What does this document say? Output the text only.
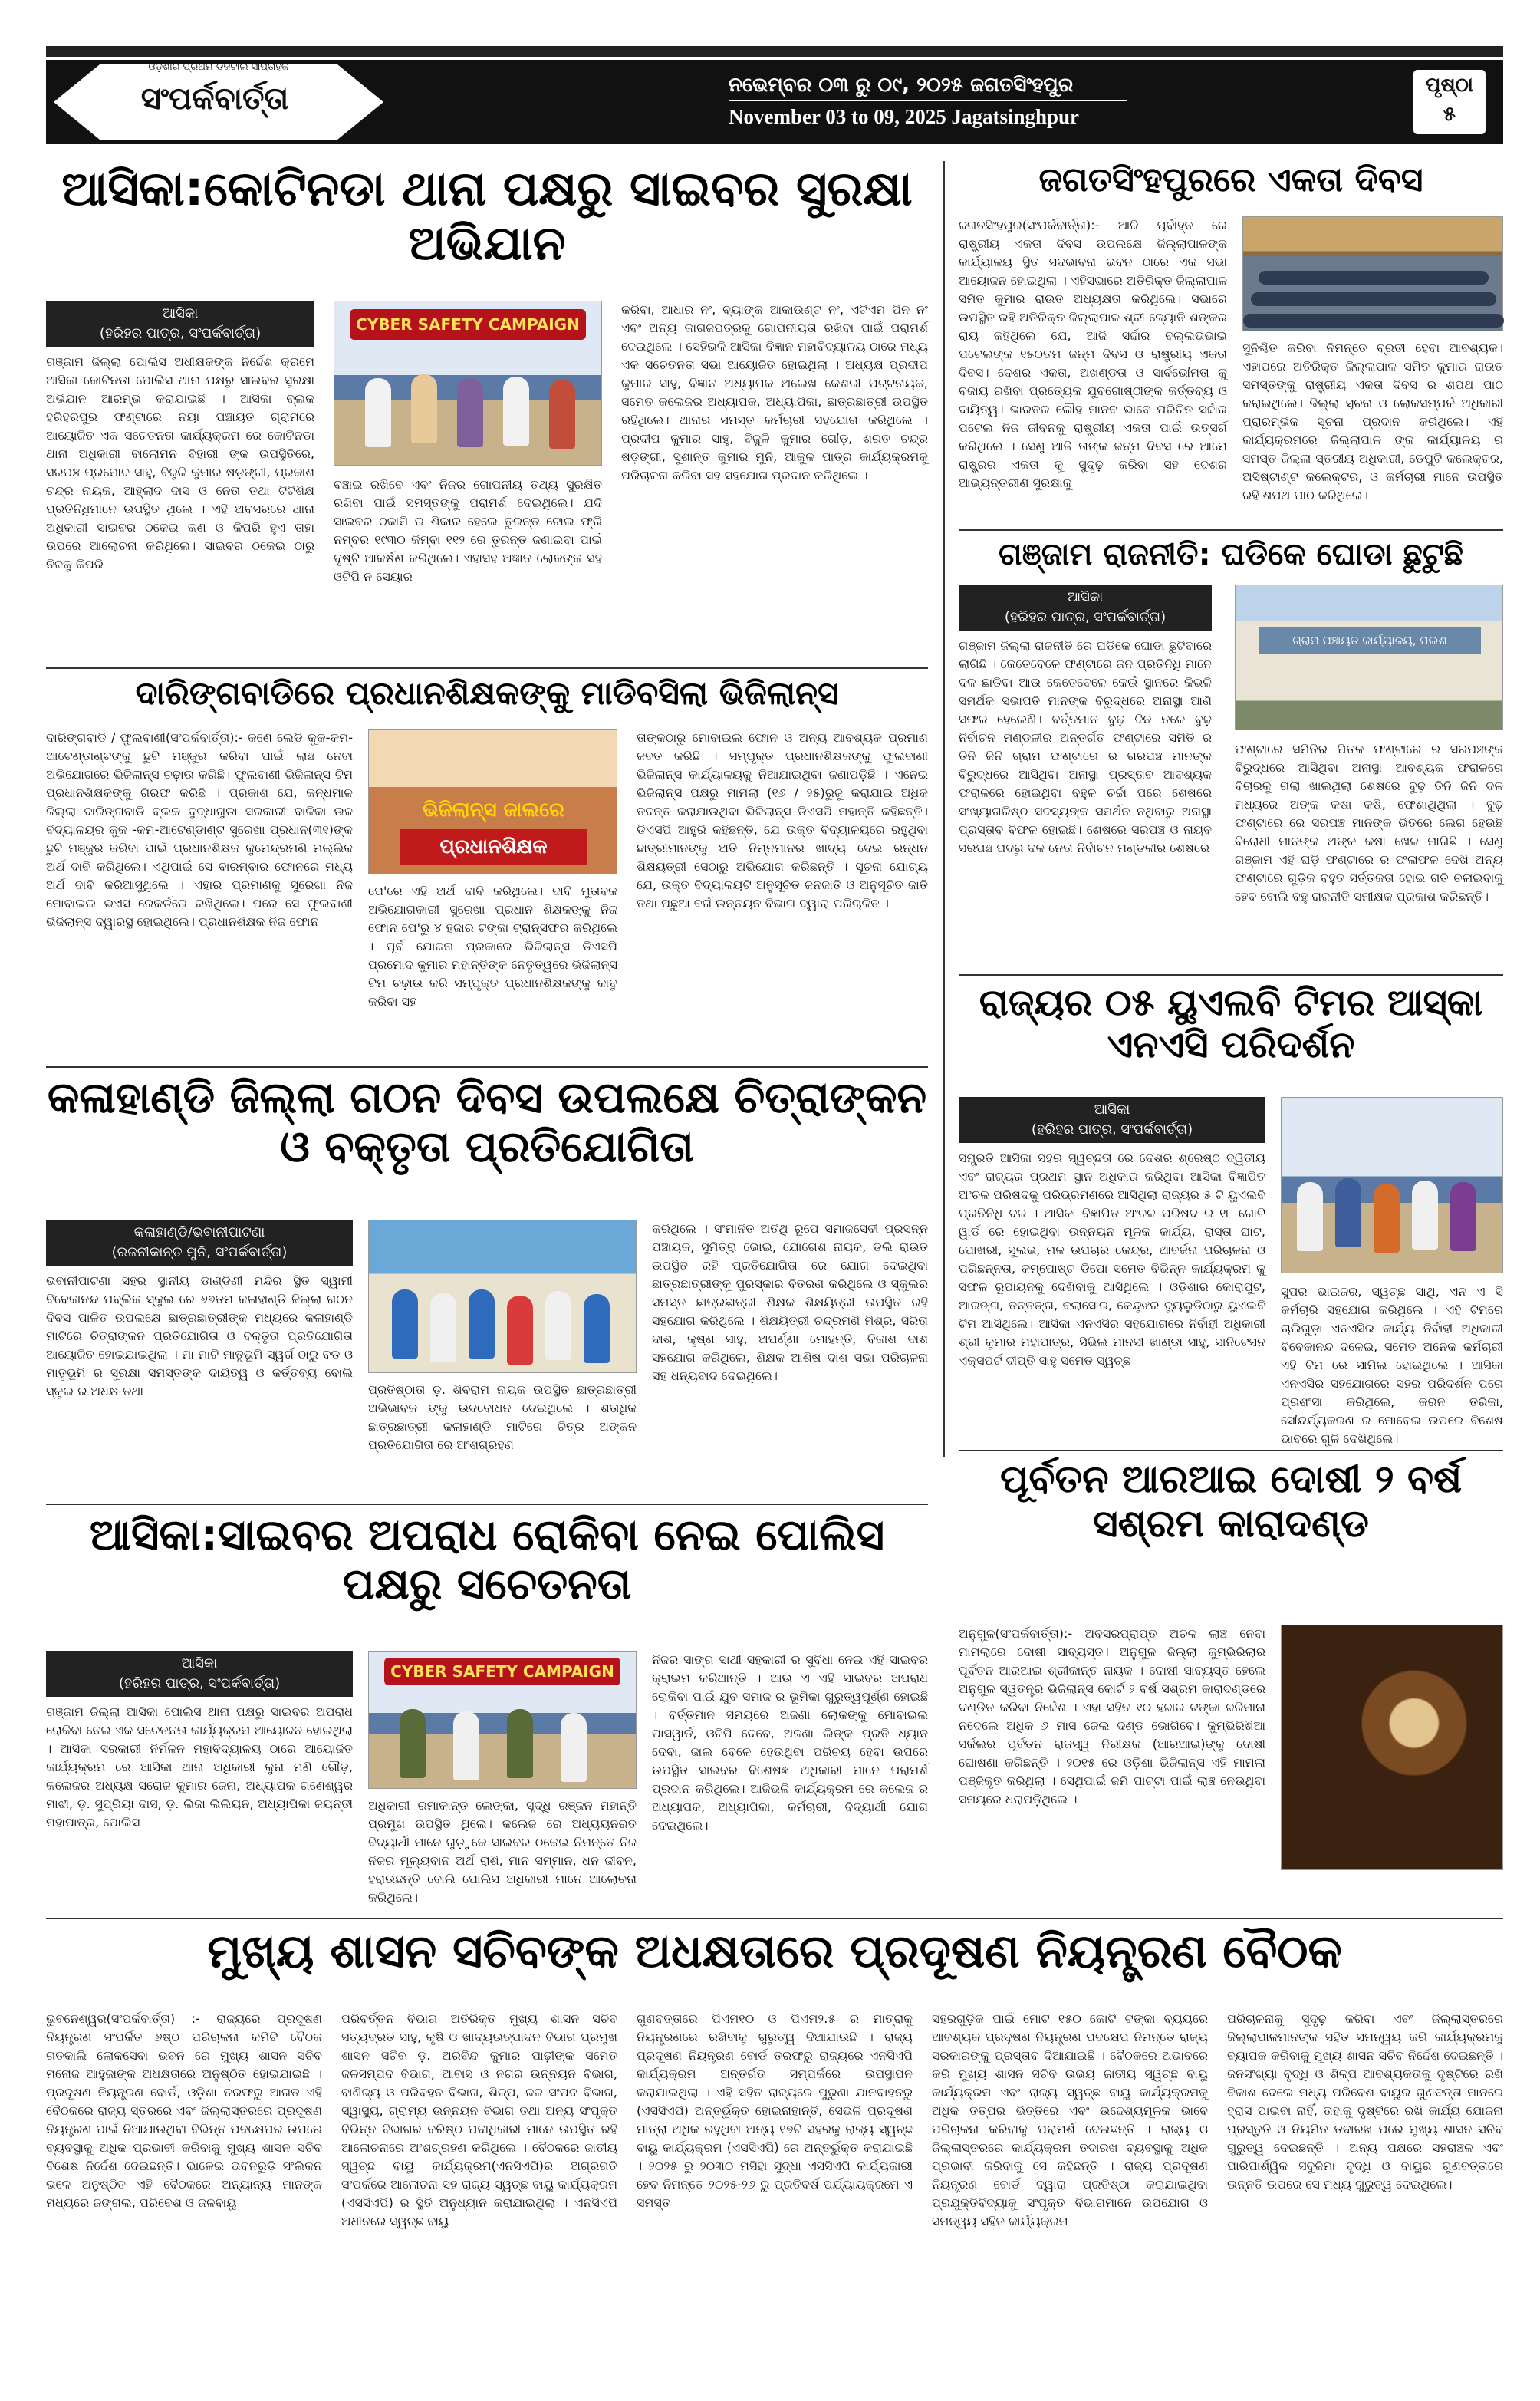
ଓଡ଼ିଶାର ପ୍ରଥମ ଡିଜିଟାଲ ସାପ୍ତାହିକ
ସଂପର୍କବାର୍ତ୍ତା	ନଭେମ୍ବର ୦୩ ରୁ ୦୯, ୨୦୨୫ ଜଗତସିଂହପୁର
November 03 to 09, 2025 Jagatsinghpur
ପୃଷ୍ଠା
୫
ଆସିକା:କୋଟିନଡା ଥାନା ପକ୍ଷରୁ ସାଇବର ସୁରକ୍ଷା ଅଭିଯାନ
ଆସିକା
(ହରିହର ପାତ୍ର, ସଂପର୍କବାର୍ତ୍ତା)
ଗଞ୍ଜାମ ଜିଲ୍ଲା ପୋଲିସ ଅଧୀକ୍ଷକଙ୍କ ନିର୍ଦ୍ଦେଶ କ୍ରମେ ଆସିକା କୋଟିନଡା ପୋଲିସ ଥାନା ପକ୍ଷରୁ ସାଇବର ସୁରକ୍ଷା ଅଭିଯାନ ଆରମ୍ଭ କରାଯାଇଛି । ଆସିକା ବ୍ଲକ ହରିହରପୁର ଫଣ୍ଟାରେ ନୟା ପଞ୍ଚାୟତ ଗ୍ରାମରେ ଆୟୋଜିତ ଏକ ସଚେତନତା କାର୍ଯ୍ୟକ୍ରମ ରେ କୋଟିନଡା ଥାନା ଅଧିକାରୀ ବାଲୋମନ ବିହାରୀ ଙ୍କ ଉପସ୍ଥିତିରେ, ସରପଞ୍ଚ ପ୍ରମୋଦ ସାହୁ, ବିଜୁଳି କୁମାର ଷଡ଼ଙ୍ଗୀ, ପ୍ରକାଶ ଚନ୍ଦ୍ର ନାୟକ, ଆହ୍ଲାଦ ଦାସ ଓ ନେତା ତଥା ଟିଟିଶିକ୍ଷ ପ୍ରତିନିଧିମାନେ ଉପସ୍ଥିତ ଥିଲେ । ଏହି ଅବସରରେ ଥାନା ଅଧିକାରୀ ସାଇବର ଠକେଇ କଣ ଓ କିପରି ହୁଏ ତାହା ଉପରେ ଆଲୋଚନା କରିଥିଲେ। ସାଇବର ଠକେଇ ଠାରୁ ନିଜକୁ କିପରି
CYBER SAFETY CAMPAIGN
ବଞ୍ଚାଇ ରଖିବେ ଏବଂ ନିଜର ଗୋପନୀୟ ତଥ୍ୟ ସୁରକ୍ଷିତ ରଖିବା ପାଇଁ ସମସ୍ତଙ୍କୁ ପରାମର୍ଶ ଦେଇଥିଲେ। ଯଦି ସାଇବର ଠକାମି ର ଶିକାର ହେଲେ ତୁରନ୍ତ ଟୋଲ ଫ୍ରି ନମ୍ବର ୧୯୩୦ କିମ୍ବା ୧୧୨ ରେ ତୁରନ୍ତ ଜଣାଇବା ପାଇଁ ଦୃଷ୍ଟି ଆକର୍ଷଣ କରିଥିଲେ। ଏହାସହ ଅଜ୍ଞାତ ଲୋକଙ୍କ ସହ ଓଟିପି ନ ସେୟାର
କରିବା, ଆଧାର ନଂ, ବ୍ୟାଙ୍କ ଆକାଉଣ୍ଟ ନଂ, ଏଟିଏମ ପିନ ନଂ ଏବଂ ଅନ୍ୟ କାଗଜପତ୍ରକୁ ଗୋପନୀୟତା ରଖିବା ପାଇଁ ପରାମର୍ଶ ଦେଇଥିଲେ । ସେହିଭଳି ଆସିକା ବିଜ୍ଞାନ ମହାବିଦ୍ୟାଳୟ ଠାରେ ମଧ୍ୟ ଏକ ସଚେତନତା ସଭା ଆୟୋଜିତ ହୋଇଥିଲା । ଅଧ୍ୟକ୍ଷ ପ୍ରଦୀପ କୁମାର ସାହୁ, ବିଜ୍ଞାନ ଅଧ୍ୟାପକ ଅଲେଖ କେଶରୀ ପଟ୍ଟନାୟକ, ସମେତ କଲେଜର ଅଧ୍ୟାପକ, ଅଧ୍ୟାପିକା, ଛାତ୍ରଛାତ୍ରୀ ଉପସ୍ଥିତ ରହିଥିଲେ। ଥାନାର ସମସ୍ତ କର୍ମଚାରୀ ସହଯୋଗ କରିଥିଲେ । ପ୍ରଦୀପ କୁମାର ସାହୁ, ବିଜୁଳି କୁମାର ଗୌଡ଼, ଶରତ ଚନ୍ଦ୍ର ଷଡ଼ଙ୍ଗୀ, ସୁଶାନ୍ତ କୁମାର ମୁନି, ଆକୁଳ ପାତ୍ର କାର୍ଯ୍ୟକ୍ରମକୁ ପରିଚାଳନା କରିବା ସହ ସହଯୋଗ ପ୍ରଦାନ କରିଥିଲେ ।
ଜଗତସିଂହପୁରରେ ଏକତା ଦିବସ
ଜଗତସିଂହପୁର(ସଂପର୍କବାର୍ତ୍ତା):- ଆଜି ପୂର୍ବାହ୍ନ ରେ ରାଷ୍ଟ୍ରୀୟ ଏକତା ଦିବସ ଉପଲକ୍ଷେ ଜିଲ୍ଲାପାଳଙ୍କ କାର୍ଯ୍ୟାଳୟ ସ୍ଥିତ ସଦଭାବନା ଭବନ ଠାରେ ଏକ ସଭା ଆୟୋଜନ ହୋଇଥିଲା । ଏହିସଭାରେ ଅତିରିକ୍ତ ଜିଲ୍ଲାପାଳ ସମିତ କୁମାର ରାଉତ ଅଧ୍ୟକ୍ଷତା କରିଥିଲେ। ସଭାରେ ଉପସ୍ଥିତ ରହି ଅତିରିକ୍ତ ଜିଲ୍ଲାପାଳ ଶ୍ରୀ ଜ୍ୟୋତି ଶଙ୍କର ରାୟ କହିଥିଲେ ଯେ, ଆଜି ସର୍ଦ୍ଦାର ବଲ୍ଲଭଭାଇ ପଟେଲଙ୍କ ୧୫୦ତମ ଜନ୍ମ ଦିବସ ଓ ରାଷ୍ଟ୍ରୀୟ ଏକତା ଦିବସ। ଦେଶର ଏକତା, ଅଖଣ୍ଡତା ଓ ସାର୍ବଭୌମତା କୁ ବଜାୟ ରଖିବା ପ୍ରତ୍ୟେକ ଯୁବଗୋଷ୍ଠୀଙ୍କ କର୍ତ୍ତବ୍ୟ ଓ ଦାୟିତ୍ୱ। ଭାରତର ଲୌହ ମାନବ ଭାବେ ପରିଚିତ ସର୍ଦ୍ଦାର ପଟେଲ ନିଜ ଜୀବନକୁ ରାଷ୍ଟ୍ରୀୟ ଏକତା ପାଇଁ ଉତ୍ସର୍ଗ କରିଥିଲେ । ସେଣୁ ଆଜି ତାଙ୍କ ଜନ୍ମ ଦିବସ ରେ ଆମେ ରାଷ୍ଟ୍ରର ଏକତା କୁ ସୁଦୃଢ଼ କରିବା ସହ ଦେଶର ଆଭ୍ୟନ୍ତରୀଣ ସୁରକ୍ଷାକୁ
ସୁନିଶ୍ଚିତ କରିବା ନିମନ୍ତେ ବ୍ରତୀ ହେବା ଆବଶ୍ୟକ। ଏହାପରେ ଅତିରିକ୍ତ ଜିଲ୍ଲାପାଳ ସମିତ କୁମାର ରାଉତ ସମସ୍ତଙ୍କୁ ରାଷ୍ଟ୍ରୀୟ ଏକତା ଦିବସ ର ଶପଥ ପାଠ କରାଇଥିଲେ। ଜିଲ୍ଲା ସୂଚନା ଓ ଲୋକସମ୍ପର୍କ ଅଧିକାରୀ ପ୍ରାରମ୍ଭିକ ସୂଚନା ପ୍ରଦାନ କରିଥିଲେ। ଏହି କାର୍ଯ୍ୟକ୍ରମରେ ଜିଲ୍ଲାପାଳ ଙ୍କ କାର୍ଯ୍ୟାଳୟ ର ସମସ୍ତ ଜିଲ୍ଲା ସ୍ତରୀୟ ଅଧିକାରୀ, ଡେପୁଟି କଲେକ୍ଟର, ଅସିଷ୍ଟାଣ୍ଟ କଲେକ୍ଟର, ଓ କର୍ମଚାରୀ ମାନେ ଉପସ୍ଥିତ ରହି ଶପଥ ପାଠ କରିଥିଲେ।
ଗଞ୍ଜାମ ରାଜନୀତି: ଘଡିକେ ଘୋଡା ଛୁଟୁଛି
ଆସିକା
(ହରିହର ପାତ୍ର, ସଂପର୍କବାର୍ତ୍ତା)
ଗଞ୍ଜାମ ଜିଲ୍ଲା ରାଜନୀତି ରେ ଘଡିକେ ଘୋଡା ଛୁଟିବାରେ ଲାଗିଛି । କେତେବେଳେ ଫଣ୍ଟାରେ ଜନ ପ୍ରତିନିଧି ମାନେ ଦଳ ଛାଡିବା ଆଉ କେତେବେଳେ କେଉଁ ସ୍ଥାନରେ କିଭଳି ସମର୍ଥକ ସଭାପତି ମାନଙ୍କ ବିରୁଦ୍ଧରେ ଅନାସ୍ଥା ଆଣି ସଫଳ ହେଲେଣି। ବର୍ତ୍ତମାନ ବୁଢ଼ ଦିନ ତଳେ ବୁଢ଼ ନିର୍ବାଚନ ମଣ୍ଡଳୀର ଅନ୍ତର୍ଗତ ଫଣ୍ଟାରେ ସମିତି ର ତିନି ଜିନି ଗ୍ରାମ ଫଣ୍ଟାରେ ର ଗରପଞ୍ଚ ମାନଙ୍କ ବିରୁଦ୍ଧରେ ଆସିଥିବା ଅନାସ୍ଥା ପ୍ରସ୍ତାବ ଆବଶ୍ୟକ ଫରାଳରେ ହୋଇଥିବା ବହୁଳ ଚର୍ଚ୍ଚା ପରେ ଶେଷରେ ସଂଖ୍ୟାଗରିଷ୍ଠ ସଦସ୍ୟଙ୍କ ସମର୍ଥନ ନଥିବାରୁ ଅନାସ୍ଥା ପ୍ରସ୍ତାବ ବିଫଳ ହୋଇଛି। ଶେଷରେ ସରପଞ୍ଚ ଓ ନାୟବ ସରପଞ୍ଚ ପଦରୁ ଦଳ ନେତା ନିର୍ବାଚନ ମଣ୍ଡଳୀର ଶେଷରେ
ଗ୍ରାମ ପଞ୍ଚାୟତ କାର୍ଯ୍ୟାଳୟ, ପଲଶ
ଫଣ୍ଟାରେ ସମିତିର ପିତଳ ଫଣ୍ଟାରେ ର ସରପଞ୍ଚଙ୍କ ବିରୁଦ୍ଧରେ ଆସିଥିବା ଅନାସ୍ଥା ଆବଶ୍ୟକ ଫରାଳରେ ବିଚାରକୁ ଗଲା ଖାଲଥିଲା ଶେଷରେ ବୁଢ଼ ତିନି ଜିନି ଦଳ ମଧ୍ୟରେ ଅଙ୍କ କଷା କଷି, ଫେଶାଥିଥିଲା । ବୁଢ଼ ଫଣ୍ଟାରେ ରେ ସରପଞ୍ଚ ମାନଙ୍କ ଭିତରେ ଲେଗ ହେଉଛି ବିରୋଧୀ ମାନଙ୍କ ଅଙ୍କ କଷା ଖେଳ ମାଗିଛି । ସେଣୁ ଗଞ୍ଜାମ ଏହି ଘଡ଼ି ଫଣ୍ଟାରେ ର ଫଳାଫଳ ଦେଖି ଅନ୍ୟ ଫଣ୍ଟାରେ ଗୁଡ଼ିକ ବହୁତ ସର୍ତ୍ତକତା ହୋଇ ଗତି ଚଳାଇବାକୁ ହେବ ବୋଲି ବହୁ ରାଜନୀତି ସମୀକ୍ଷକ ପ୍ରକାଶ କରିଛନ୍ତି।
ଦାରିଙ୍ଗବାଡିରେ ପ୍ରଧାନଶିକ୍ଷକଙ୍କୁ ମାଡିବସିଲା ଭିଜିଲାନ୍ସ
ଦାରିଙ୍ଗବାଡି / ଫୁଲବାଣୀ(ସଂପର୍କବାର୍ତ୍ତା):- କଣେ ଲେଡି କୁକ-କମ-ଆଟେଣ୍ଡାଣ୍ଟଙ୍କୁ ଛୁଟି ମଞ୍ଜୁର କରିବା ପାଇଁ ଲାଞ୍ଚ ନେବା ଅଭିଯୋଗରେ ଭିଜିଲାନ୍ସ ଚଢ଼ାଉ କରିଛି। ଫୁଲବାଣୀ ଭିଜିଲାନ୍ସ ଟିମ ପ୍ରଧାନଶିକ୍ଷକଙ୍କୁ ଗିରଫ କରିଛି । ପ୍ରକାଶ ଯେ, କନ୍ଧମାଳ ଜିଲ୍ଲା ଦାରିଙ୍ଗବାଡି ବ୍ଲକ ଦୁଦ୍ଧାଗୁଡା ସରକାରୀ ବାଳିକା ଉଚ୍ଚ ବିଦ୍ୟାଳୟର କୁକ -କମ-ଆଟେଣ୍ଡାଣ୍ଟ ସୁରେଖା ପ୍ରଧାନ(୩୧)ଙ୍କ ଛୁଟି ମଞ୍ଜୁର କରିବା ପାଇଁ ପ୍ରଧାନଶିକ୍ଷକ କୁମେନ୍ଦ୍ରମଣି ମଲ୍ଲିକ ଅର୍ଥ ଦାବି କରିଥିଲେ। ଏଥିପାଇଁ ସେ ବାରମ୍ବାର ଫୋନରେ ମଧ୍ୟ ଅର୍ଥ ଦାବି କରିଆସୁଥିଲେ । ଏହାର ପ୍ରମାଣକୁ ସୁରେଖା ନିଜ ମୋବାଇଲ ଭଏସ ରେକର୍ଡରେ ରଖିଥିଲେ। ପରେ ସେ ଫୁଲବାଣୀ ଭିଜିଲାନ୍ସ ଦ୍ୱାରସ୍ଥ ହୋଇଥିଲେ। ପ୍ରଧାନଶିକ୍ଷକ ନିଜ ଫୋନ
ଭିଜିଲାନ୍ସ ଜାଲରେ
ପ୍ରଧାନଶିକ୍ଷକ
ପେ'ରେ ଏହି ଅର୍ଥ ଦାବି କରିଥିଲେ। ଦାବି ମୁତାବକ ଅଭିଯୋଗକାରୀ ସୁରେଖା ପ୍ରଧାନ ଶିକ୍ଷକଙ୍କୁ ନିଜ ଫୋନ ପେ'ରୁ ୪ ହଜାର ଟଙ୍କା ଟ୍ରାନ୍ସଫର କରିଥିଲେ । ପୂର୍ବ ଯୋଜନା ପ୍ରକାରେ ଭିଜିଲାନ୍ସ ଡିଏସପି ପ୍ରମୋଦ କୁମାର ମହାନ୍ତିଙ୍କ ନେତୃତ୍ୱରେ ଭିଜିଲାନ୍ସ ଟିମ ଚଢ଼ାଉ କରି ସମ୍ପୃକ୍ତ ପ୍ରଧାନଶିକ୍ଷକଙ୍କୁ କାବୁ କରିବା ସହ
ତାଙ୍କଠାରୁ ମୋବାଇଲ ଫୋନ ଓ ଅନ୍ୟ ଆବଶ୍ୟକ ପ୍ରମାଣ ଜବତ କରିଛି । ସମ୍ପୃକ୍ତ ପ୍ରଧାନଶିକ୍ଷକଙ୍କୁ ଫୁଲବାଣୀ ଭିଜିଲାନ୍ସ କାର୍ଯ୍ୟାଳୟକୁ ନିଆଯାଇଥିବା ଜଣାପଡ଼ିଛି । ଏନେଇ ଭିଜିଲାନ୍ସ ପକ୍ଷରୁ ମାମଲା (୧୬ / ୨୫)ରୁଜୁ କରାଯାଇ ଅଧିକ ତଦନ୍ତ କରାଯାଉଥିବା ଭିଜିଲାନ୍ସ ଡିଏସପି ମହାନ୍ତି କହିଛନ୍ତି। ଡିଏସପି ଆହୁରି କହିଛନ୍ତି, ଯେ ଉକ୍ତ ବିଦ୍ୟାଳୟରେ ରହୁଥିବା ଛାତ୍ରୀମାନଙ୍କୁ ଅତି ନିମ୍ନମାନର ଖାଦ୍ୟ ଦେଇ ରନ୍ଧନ ଶିକ୍ଷୟତ୍ରୀ ସେଠାରୁ ଅଭିଯୋଗ କରିଛନ୍ତି । ସୂଚନା ଯୋଗ୍ୟ ଯେ, ଉକ୍ତ ବିଦ୍ୟାଳୟଟି ଅନୁସୂଚିତ ଜନଜାତି ଓ ଅନୁସୂଚିତ ଜାତି ତଥା ପଛୁଆ ବର୍ଗ ଉନ୍ନୟନ ବିଭାଗ ଦ୍ୱାରା ପରିଚାଳିତ ।
କଳାହାଣ୍ଡି ଜିଲ୍ଲା ଗଠନ ଦିବସ ଉପଲକ୍ଷେ ଚିତ୍ରାଙ୍କନ ଓ ବକ୍ତୃତା ପ୍ରତିଯୋଗିତା
କଳାହାଣ୍ଡି/ଭବାନୀପାଟଣା
(ରଜନୀକାନ୍ତ ମୁନି, ସଂପର୍କବାର୍ତ୍ତା)
ଭବାନୀପାଟଣା ସହର ସ୍ଥାନୀୟ ଡାଣ୍ଡିଣୀ ମନ୍ଦିର ସ୍ଥିତ ସ୍ୱାମୀ ବିବେକାନନ୍ଦ ପବ୍ଲିକ ସ୍କୁଲ ରେ ୬୭ତମ କଳାହାଣ୍ଡି ଜିଲ୍ଲା ଗଠନ ଦିବସ ପାଳିତ ଉପଲକ୍ଷେ ଛାତ୍ରଛାତ୍ରୀଙ୍କ ମଧ୍ୟରେ କଳାହାଣ୍ଡି ମାଟିରେ ଚିତ୍ରାଙ୍କନ ପ୍ରତିଯୋଗିତା ଓ ବକ୍ତୃତା ପ୍ରତିଯୋଗିତା ଆୟୋଜିତ ହୋଇଯାଇଥିଲା । ମା ମାଟି ମାତୃଭୂମି ସ୍ୱର୍ଗ ଠାରୁ ବଡ ଓ ମାତୃଭୂମି ର ସୁରକ୍ଷା ସମସ୍ତଙ୍କ ଦାୟିତ୍ୱ ଓ କର୍ତ୍ତବ୍ୟ ବୋଲି ସ୍କୁଲ ର ଅଧକ୍ଷ ତଥା	ପ୍ରତିଷ୍ଠାତା ଡ଼. ଶିବରାମ ନାୟକ ଉପସ୍ଥିତ ଛାତ୍ରଛାତ୍ରୀ ଅଭିଭାବକ ଙ୍କୁ ଉଦବୋଧନ ଦେଇଥିଲେ । ଶତାଧିକ ଛାତ୍ରଛାତ୍ରୀ କଳାହାଣ୍ଡି ମାଟିରେ ଚିତ୍ର ଅଙ୍କନ ପ୍ରତିଯୋଗିତା ରେ ଅଂଶଗ୍ରହଣ
କରିଥିଲେ । ସଂମାନିତ ଅତିଥି ରୂପେ ସମାଜସେବୀ ପ୍ରସନ୍ନ ପଞ୍ଚାୟକ, ସୁମିତ୍ରା ଭୋଇ, ଯୋଗେଶ ନାୟକ, ଡଲି ରାଉତ ଉପସ୍ଥିତ ରହି ପ୍ରତିଯୋଗିତା ରେ ଯୋଗ ଦେଇଥିବା ଛାତ୍ରଛାତ୍ରୀଙ୍କୁ ପୁରସ୍କାର ବିତରଣ କରିଥିଲେ ଓ ସ୍କୁଲର ସମସ୍ତ ଛାତ୍ରଛାତ୍ରୀ ଶିକ୍ଷକ ଶିକ୍ଷୟିତ୍ରୀ ଉପସ୍ଥିତ ରହି ସହଯୋଗ କରିଥିଲେ । ଶିକ୍ଷୟିତ୍ରୀ ଚନ୍ଦ୍ରମଣି ମିଶ୍ର, ସରିତା ଦାଶ, କୃଷ୍ଣ ସାହୁ, ଅପର୍ଣ୍ଣା ମୋହନ୍ତି, ବିକାଶ ଦାଶ ସହଯୋଗ କରିଥିଲେ, ଶିକ୍ଷକ ଆଶିଷ ଦାଶ ସଭା ପରିଚାଳନା ସହ ଧନ୍ୟବାଦ ଦେଇଥିଲେ।
ରାଜ୍ୟର ୦୫ ୟୁଏଲବି ଟିମର ଆସ୍କା ଏନଏସି ପରିଦର୍ଶନ
ଆସିକା
(ହରିହର ପାତ୍ର, ସଂପର୍କବାର୍ତ୍ତା)
ସମ୍ପ୍ରତି ଆସିକା ସହର ସ୍ୱଚ୍ଛତା ରେ ଦେଶର ଶ୍ରେଷ୍ଠ ଦ୍ୱିତୀୟ ଏବଂ ରାଜ୍ୟର ପ୍ରଥମ ସ୍ଥାନ ଅଧିକାର କରିଥିବା ଆସିକା ବିଜ୍ଞାପିତ ଅଂଚଳ ପରିଷଦକୁ ପରିଭ୍ରମଣରେ ଆସିଥିଲା ରାଜ୍ୟର ୫ ଟି ୟୁଏଲବି ପ୍ରତିନିଧି ଦଳ । ଆସିକା ବିଜ୍ଞାପିତ ଅଂଚଳ ପରିଷଦ ର ୧୮ ଗୋଟି ୱାର୍ଡ ରେ ହୋଇଥିବା ଉନ୍ନୟନ ମୂଳକ କାର୍ଯ୍ୟ, ରାସ୍ତା ଘାଟ, ପୋଖରୀ, ସୁଲଭ, ମଳ ଉପଚାର କେନ୍ଦ୍ର, ଆବର୍ଜନା ପରିଚାଳନା ଓ ପରିଛନ୍ନତା, କମ୍ପୋଷ୍ଟ ଡିପୋ ସମେତ ବିଭିନ୍ନ କାର୍ଯ୍ୟକ୍ରମ କୁ ସଫଳ ରୂପାୟନକୁ ଦେଖିବାକୁ ଆସିଥିଲେ । ଓଡ଼ିଶାର କୋରାପୁଟ, ଆରଙ୍ଗ, ତନ୍ତଙ୍ଗ, ବଲାସୋର, କେନ୍ଦୁଝର ଦ୍ୟୁଲୁଡିଠାରୁ ୟୁଏଲବି ଟିମ ଆସିଥିଲେ। ଆସିକା ଏନଏସିର ସହଯୋଗରେ ନିର୍ବାହୀ ଅଧିକାରୀ ଶ୍ରୀ କୁମାର ମହାପାତ୍ର, ସିଭିଲ ମାନସୀ ଖାଣ୍ଡା ସାହୁ, ସାନିଟେସନ ଏକ୍ସପର୍ଟ ଦୀପ୍ତି ସାହୁ ସମେତ ସ୍ୱଚ୍ଛ
ସୁପର ଭାଇଜର, ସ୍ୱଚ୍ଛ ସାଥି, ଏନ ଏ ସି କର୍ମଚାରି ସହଯୋଗ କରିଥିଲେ । ଏହି ଟିମରେ ଚାଲିଗୁଡ଼ା ଏନଏସିର କାର୍ଯ୍ୟ ନିର୍ବାହୀ ଅଧିକାରୀ ବିବେକାନନ୍ଦ ଦଳେଇ, ସମେତ ଅନେକ କର୍ମଚାରୀ ଏହି ଟିମ ରେ ସାମିଲ ହୋଇଥିଲେ । ଆସିକା ଏନଏସିର ସହଯୋଗରେ ସହର ପରିଦର୍ଶନ ପରେ ପ୍ରଶଂସା କରିଥିଲେ, କରନ ତରିକା, ସୌନ୍ଦର୍ଯ୍ୟକରଣ ର ମୋବେଇ ଉପରେ ବିଶେଷ ଭାବରେ ଗୁଳି ଦେଖିଥିଲେ।
ଆସିକା:ସାଇବର ଅପରାଧ ରୋକିବା ନେଇ ପୋଲିସ ପକ୍ଷରୁ ସଚେତନତା
ଆସିକା
(ହରିହର ପାତ୍ର, ସଂପର୍କବାର୍ତ୍ତା)
ଗଞ୍ଜାମ ଜିଲ୍ଲା ଆସିକା ପୋଲିସ ଥାନା ପକ୍ଷରୁ ସାଇବର ଅପରାଧ ରୋକିବା ନେଇ ଏକ ସଚେତନତା କାର୍ଯ୍ୟକ୍ରମ ଆୟୋଜନ ହୋଇଥିଲା । ଆସିକା ସରକାରୀ ନିର୍ମଳନ ମହାବିଦ୍ୟାଳୟ ଠାରେ ଆୟୋଜିତ କାର୍ଯ୍ୟକ୍ରମ ରେ ଆସିକା ଥାନା ଅଧିକାରୀ କୁନା ମଣି ଗୌଡ଼, କଲେଜର ଅଧ୍ୟକ୍ଷ ସରୋଜ କୁମାର ଜେନା, ଅଧ୍ୟାପକ ଗଣେଶ୍ୱର ମାଝୀ, ଡ଼. ସୁପ୍ରିୟା ଦାସ, ଡ଼. ଲିଜା ଲିଲିୟନ, ଅଧ୍ୟାପିକା ଜୟନ୍ତୀ ମହାପାତ୍ର, ପୋଲିସ
CYBER SAFETY CAMPAIGN
ଅଧିକାରୀ ରମାକାନ୍ତ ଲେଙ୍କା, ସୃଦ୍ଧି ରଞ୍ଜନ ମହାନ୍ତି ପ୍ରମୁଖ ଉପସ୍ଥିତ ଥିଲେ। କଲେଜ ରେ ଅଧ୍ୟୟନରତ ବିଦ୍ୟାର୍ଥୀ ମାନେ ଗୁଡ଼ୁକେ ସାଇବର ଠକେଇ ନିମନ୍ତେ ନିଜ ନିଜର ମୂଲ୍ୟବାନ ଅର୍ଥ ରାଶି, ମାନ ସମ୍ମାନ, ଧନ ଜୀବନ, ହରାଉଛନ୍ତି ବୋଲି ପୋଲିସ ଅଧିକାରୀ ମାନେ ଆଲୋଚନା କରିଥିଲେ।
ନିଜର ସାଙ୍ଗ ସାଥୀ ସହକାରୀ ର ସୁବିଧା ନେଇ ଏହି ସାଇବର କ୍ରାଇମ କରିଥାନ୍ତି । ଆଉ ଏ ଏହି ସାଇବର ଅପରାଧ ରୋକିବା ପାଇଁ ଯୁବ ସମାଜ ର ଭୂମିକା ଗୁରୁତ୍ୱପୂର୍ଣ୍ଣ ହୋଇଛି । ବର୍ତ୍ତମାନ ସମୟରେ ଅଜଣା ଲୋକଙ୍କୁ ମୋବାଇଲ ପାସୱାର୍ଡ, ଓଟିପି ଦେବେ, ଅଜଣା ଲିଙ୍କ ପ୍ରତି ଧ୍ୟାନ ଦେବା, ଜାଲ ବେଳେ ହେଉଥିବା ପରିଚୟ ହେବା ଉପରେ ଉପସ୍ଥିତ ସାଇବର ବିଶେଷଜ୍ଞ ଅଧିକାରୀ ମାନେ ପରାମର୍ଶ ପ୍ରଦାନ କରିଥିଲେ। ଆଜିଭଳି କାର୍ଯ୍ୟକ୍ରମ ରେ କଲେଜ ର ଅଧ୍ୟାପକ, ଅଧ୍ୟାପିକା, କର୍ମଚାରୀ, ବିଦ୍ୟାର୍ଥୀ ଯୋଗ ଦେଇଥିଲେ।
ପୂର୍ବତନ ଆରଆଇ ଦୋଷୀ ୨ ବର୍ଷ ସଶ୍ରମ କାରାଦଣ୍ଡ
ଅନୁଗୁଳ(ସଂପର୍କବାର୍ତ୍ତା):- ଅବସରପ୍ରାପ୍ତ ଅଚଳ ଲାଞ୍ଚ ନେବା ମାମଲାରେ ଦୋଷୀ ସାବ୍ୟସ୍ତ। ଅନୁଗୁଳ ଜିଲ୍ଲା କୁମ୍ଭିରିଲାର ପୂର୍ବତନ ଆରଆଇ ଶ୍ରୀକାନ୍ତ ନାୟକ । ଦୋଷୀ ସାବ୍ୟସ୍ତ ହେଲେ ଅନୁଗୁଳ ସ୍ୱତନ୍ତ୍ର ଭିଜିଲାନ୍ସ କୋର୍ଟ ୨ ବର୍ଷ ସଶ୍ରମ କାରାଦଣ୍ଡରେ ଦଣ୍ଡିତ କରିବା ନିର୍ଦ୍ଦେଶ । ଏହା ସହିତ ୧୦ ହଜାର ଟଙ୍କା ଜରିମାନା ନଦେଲେ ଅଧିକ ୬ ମାସ ଜେଲ ଦଣ୍ଡ ଭୋଗିବେ। କୁମ୍ଭିରିଶିଆ ସର୍କଲର ପୂର୍ବତନ ରାଜସ୍ୱ ନିରୀକ୍ଷକ (ଆରଆଇ)ଙ୍କୁ ଦୋଷୀ ଘୋଷଣା କରିଛନ୍ତି । ୨୦୧୫ ରେ ଓଡ଼ିଶା ଭିଜିଲାନ୍ସ ଏହି ମାମଲା ପଞ୍ଜିକୃତ କରିଥିଲା । ସେଥିପାଇଁ ଜମି ପାଟ୍ଟା ପାଇଁ ଲାଞ୍ଚ ନେଉଥିବା ସମୟରେ ଧରାପଡ଼ିଥିଲେ ।
ମୁଖ୍ୟ ଶାସନ ସଚିବଙ୍କ ଅଧକ୍ଷତାରେ ପ୍ରଦୂଷଣ ନିୟନ୍ତ୍ରଣ ବୈଠକ
ଭୁବନେଶ୍ୱର(ସଂପର୍କବାର୍ତ୍ତା) :- ରାଜ୍ୟରେ ପ୍ରଦୂଷଣ ନିୟନ୍ତ୍ରଣ ସଂପର୍କିତ ୬ଷ୍ଠ ପରିଚାଳନା କମିଟି ବୈଠକ ଗତକାଲି ଲୋକସେବା ଭବନ ରେ ମୁଖ୍ୟ ଶାସନ ସଚିବ ମନୋଜ ଆହୁଜାଙ୍କ ଅଧକ୍ଷତାରେ ଅନୁଷ୍ଠିତ ହୋଇଯାଇଛି । ପ୍ରଦୂଷଣ ନିୟନ୍ତ୍ରଣ ବୋର୍ଡ, ଓଡ଼ିଶା ତରଫରୁ ଆଗତ ଏହି ବୈଠକରେ ରାଜ୍ୟ ସ୍ତରରେ ଏବଂ ଜିଲ୍ଲାସ୍ତରରେ ପ୍ରଦୂଷଣ ନିୟନ୍ତ୍ରଣ ପାଇଁ ନିଆଯାଉଥିବା ବିଭିନ୍ନ ପଦକ୍ଷେପର ଉପରେ ବ୍ୟବସ୍ଥାକୁ ଅଧିକ ପ୍ରଭାବୀ କରିବାକୁ ମୁଖ୍ୟ ଶାସନ ସଚିବ ବିଶେଷ ନିର୍ଦ୍ଦେଶ ଦେଇଛନ୍ତି। ଭାଳେଇ ଭବନରୁଡ଼ି ସଂଲିକନ ଭଳେ ଅନୁଷ୍ଠିତ ଏହି ବୈଠକରେ ଅନ୍ୟାନ୍ୟ ମାନଙ୍କ ମଧ୍ୟରେ ଜଙ୍ଗଲ, ପରିବେଶ ଓ ଜଳବାୟୁ
ପରିବର୍ତ୍ତନ ବିଭାଗ ଅତିରିକ୍ତ ମୁଖ୍ୟ ଶାସନ ସଚିବ ସତ୍ୟବ୍ରତ ସାହୁ, କୃଷି ଓ ଖାଦ୍ୟଉତ୍ପାଦନ ବିଭାଗ ପ୍ରମୁଖ ଶାସନ ସଚିବ ଡ଼. ଅରବିନ୍ଦ କୁମାର ପାଢ଼ୀଙ୍କ ସମେତ ଜଳସମ୍ପଦ ବିଭାଗ, ଆବାସ ଓ ନଗର ଉନ୍ନୟନ ବିଭାଗ, ବାଣିଜ୍ୟ ଓ ପରିବହନ ବିଭାଗ, ଶିଳ୍ପ, ଜଳ ସଂପଦ ବିଭାଗ, ସ୍ୱାସ୍ଥ୍ୟ, ଗ୍ରାମ୍ୟ ଉନ୍ନୟନ ବିଭାଗ ତଥା ଅନ୍ୟ ସଂପୃକ୍ତ ବିଭିନ୍ନ ବିଭାଗର ବରିଷ୍ଠ ପଦାଧିକାରୀ ମାନେ ଉପସ୍ଥିତ ରହି ଆଲୋଚନାରେ ଅଂଶଗ୍ରହଣ କରିଥିଲେ । ବୈଠକରେ ଜାତୀୟ ସ୍ୱଚ୍ଛ ବାୟୁ କାର୍ଯ୍ୟକ୍ରମ(ଏନସିଏପି)ର ଅଗ୍ରଗତି ସଂପର୍କରେ ଆଲୋଚନା ସହ ରାଜ୍ୟ ସ୍ୱଚ୍ଛ ବାୟୁ କାର୍ଯ୍ୟକ୍ରମ (ଏସସିଏପି) ର ସ୍ଥିତି ଅନୁଧ୍ୟାନ କରାଯାଇଥିଲା । ଏନସିଏପି ଅଧୀନରେ ସ୍ୱଚ୍ଛ ବାୟୁ
ଗୁଣବତ୍ତାରେ ପିଏମ୧୦ ଓ ପିଏମ୨.୫ ର ମାତ୍ରାକୁ ନିୟନ୍ତ୍ରଣରେ ରଖିବାକୁ ଗୁରୁତ୍ୱ ଦିଆଯାଉଛି । ରାଜ୍ୟ ପ୍ରଦୂଷଣ ନିୟନ୍ତ୍ରଣ ବୋର୍ଡ ତରଫରୁ ରାଜ୍ୟରେ ଏନସିଏପି କାର୍ଯ୍ୟକ୍ରମ ଅନ୍ତର୍ଗତ ସମ୍ପର୍କରେ ଉପସ୍ଥାପନ କରାଯାଇଥିଲା । ଏହି ସହିତ ରାଜ୍ୟରେ ପୁରୁଣା ଯାନବାହନରୁ (ଏସସିଏପି) ଅନ୍ତର୍ଭୁକ୍ତ ହୋଇନାହାନ୍ତି, ସେଭଳି ପ୍ରଦୂଷଣ ମାତ୍ରା ଅଧିକ ରହୁଥିବା ଅନ୍ୟ ୧୭ଟି ସହରକୁ ରାଜ୍ୟ ସ୍ୱଚ୍ଛ ବାୟୁ କାର୍ଯ୍ୟକ୍ରମ (ଏସସିଏପି) ରେ ଅନ୍ତର୍ଭୁକ୍ତ କରାଯାଇଛି । ୨୦୨୫ ରୁ ୨୦୩୦ ମସିହା ସୁଦ୍ଧା ଏସସିଏପି କାର୍ଯ୍ୟକାରୀ ହେବ ନିମନ୍ତେ ୨୦୨୫-୨୬ ରୁ ପ୍ରତିବର୍ଷ ପର୍ଯ୍ୟାୟକ୍ରମେ ଏ ସମସ୍ତ
ସହରଗୁଡ଼ିକ ପାଇଁ ମୋଟ ୧୫୦ କୋଟି ଟଙ୍କା ବ୍ୟୟରେ ଆବଶ୍ୟକ ପ୍ରଦୂଷଣ ନିୟନ୍ତ୍ରଣ ପଦକ୍ଷେପ ନିମନ୍ତେ ରାଜ୍ୟ ସରକାରଙ୍କୁ ପ୍ରସ୍ତାବ ଦିଆଯାଇଛି । ବୈଠକରେ ଅଭାବରେ କରି ମୁଖ୍ୟ ଶାସନ ସଚିବ ଉଭୟ ଜାତୀୟ ସ୍ୱଚ୍ଛ ବାୟୁ କାର୍ଯ୍ୟକ୍ରମ ଏବଂ ରାଜ୍ୟ ସ୍ୱଚ୍ଛ ବାୟୁ କାର୍ଯ୍ୟକ୍ରମକୁ ଅଧିକ ତତ୍ପର ଭିତ୍ତିରେ ଏବଂ ଉଦ୍ଦେଶ୍ୟମୂଳକ ଭାବେ ପରିଚାଳନା କରିବାକୁ ପରାମର୍ଶ ଦେଇଛନ୍ତି । ରାଜ୍ୟ ଓ ଜିଲ୍ଲାସ୍ତରରେ କାର୍ଯ୍ୟକ୍ରମ ତଦାରଖ ବ୍ୟବସ୍ଥାକୁ ଅଧିକ ପ୍ରଭାବୀ କରିବାକୁ ସେ କହିଛନ୍ତି । ରାଜ୍ୟ ପ୍ରଦୂଷଣ ନିୟନ୍ତ୍ରଣ ବୋର୍ଡ ଦ୍ୱାରା ପ୍ରତିଷ୍ଠା କରାଯାଇଥିବା ପ୍ରଯୁକ୍ତିବିଦ୍ୟାକୁ ସଂପୃକ୍ତ ବିଭାଗମାନେ ଉପଯୋଗ ଓ ସମନ୍ୱୟ ସହିତ କାର୍ଯ୍ୟକ୍ରମ
ପରିଚାଳନାକୁ ସୁଦୃଢ଼ କରିବା ଏବଂ ଜିଲ୍ଲାସ୍ତରରେ ଜିଲ୍ଲାପାଳମାନଙ୍କ ସହିତ ସମନ୍ୱୟ କରି କାର୍ଯ୍ୟକ୍ରମକୁ ବ୍ୟାପକ କରିବାକୁ ମୁଖ୍ୟ ଶାସନ ସଚିବ ନିର୍ଦ୍ଦେଶ ଦେଇଛନ୍ତି । ଜନସଂଖ୍ୟା ବୃଦ୍ଧି ଓ ଶିଳ୍ପ ଆବଶ୍ୟକତାକୁ ଦୃଷ୍ଟିରେ ରଖି ବିକାଶ ଦେଲେ ମଧ୍ୟ ପରିବେଶ ବାୟୁର ଗୁଣବତ୍ତା ମାନରେ ହ୍ରାସ ପାଇବା ନାହିଁ, ତାହାକୁ ଦୃଷ୍ଟିରେ ରଖି କାର୍ଯ୍ୟ ଯୋଜନା ପ୍ରସ୍ତୁତି ଓ ନିୟମିତ ତଦାରଖ ପରେ ମୁଖ୍ୟ ଶାସନ ସଚିବ ଗୁରୁତ୍ୱ ଦେଇଛନ୍ତି । ଅନ୍ୟ ପକ୍ଷରେ ସହରାଞ୍ଚଳ ଏବଂ ପାରିପାର୍ଶ୍ୱିକ ସବୁଜିମା ବୃଦ୍ଧି ଓ ବାୟୁର ଗୁଣବତ୍ତାରେ ଉନ୍ନତି ଉପରେ ସେ ମଧ୍ୟ ଗୁରୁତ୍ୱ ଦେଇଥିଲେ।
